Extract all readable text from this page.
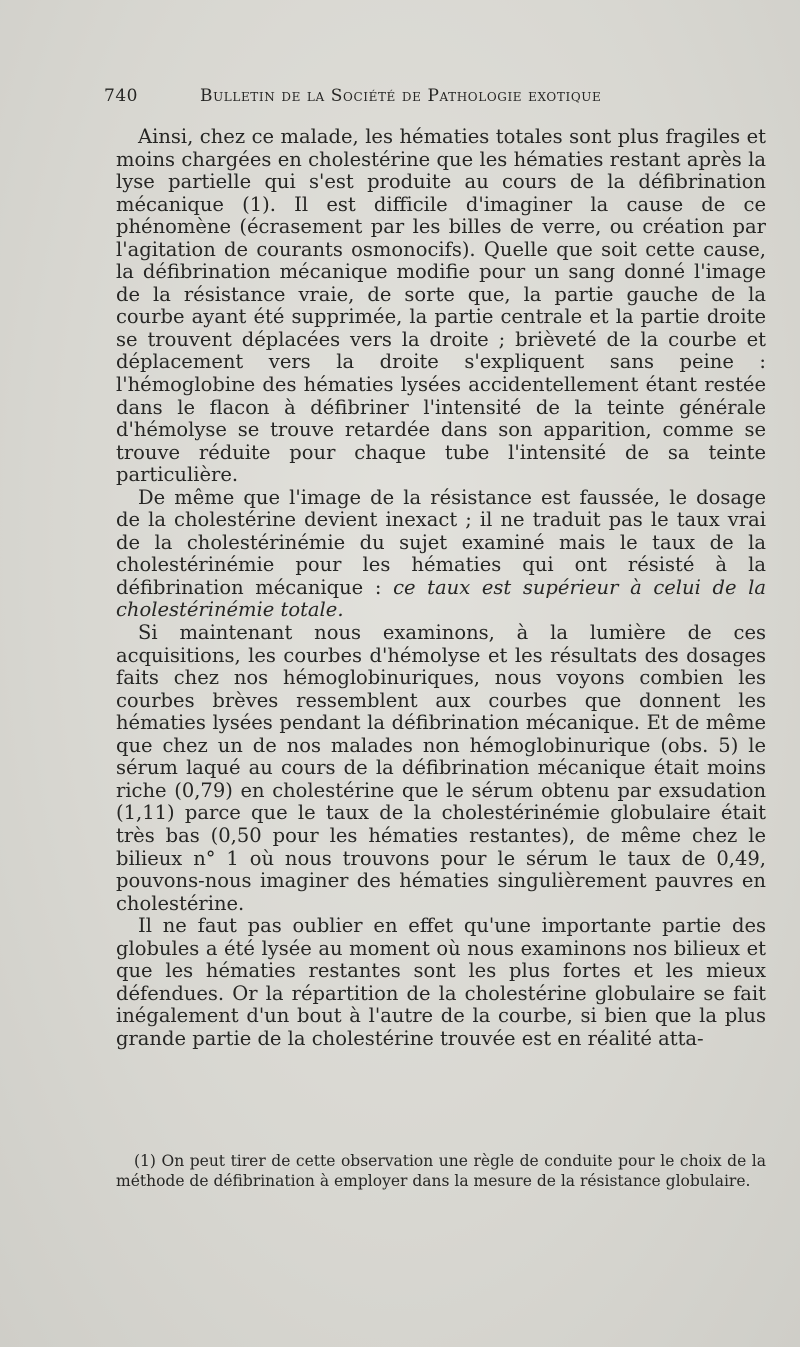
740	Bulletin de la Société de Pathologie exotique

Ainsi, chez ce malade, les hématies totales sont plus fragiles et moins chargées en cholestérine que les hématies restant après la lyse partielle qui s'est produite au cours de la défibrination mécanique (1). Il est difficile d'imaginer la cause de ce phénomène (écrasement par les billes de verre, ou création par l'agitation de courants osmonocifs). Quelle que soit cette cause, la défibrination mécanique modifie pour un sang donné l'image de la résistance vraie, de sorte que, la partie gauche de la courbe ayant été supprimée, la partie centrale et la partie droite se trouvent déplacées vers la droite ; brièveté de la courbe et déplacement vers la droite s'expliquent sans peine : l'hémoglobine des hématies lysées accidentellement étant restée dans le flacon à défibriner l'intensité de la teinte générale d'hémolyse se trouve retardée dans son apparition, comme se trouve réduite pour chaque tube l'intensité de sa teinte particulière.

De même que l'image de la résistance est faussée, le dosage de la cholestérine devient inexact ; il ne traduit pas le taux vrai de la cholestérinémie du sujet examiné mais le taux de la cholestérinémie pour les hématies qui ont résisté à la défibrination mécanique : ce taux est supérieur à celui de la cholestérinémie totale.

Si maintenant nous examinons, à la lumière de ces acquisitions, les courbes d'hémolyse et les résultats des dosages faits chez nos hémoglobinuriques, nous voyons combien les courbes brèves ressemblent aux courbes que donnent les hématies lysées pendant la défibrination mécanique. Et de même que chez un de nos malades non hémoglobinurique (obs. 5) le sérum laqué au cours de la défibrination mécanique était moins riche (0,79) en cholestérine que le sérum obtenu par exsudation (1,11) parce que le taux de la cholestérinémie globulaire était très bas (0,50 pour les hématies restantes), de même chez le bilieux n° 1 où nous trouvons pour le sérum le taux de 0,49, pouvons-nous imaginer des hématies singulièrement pauvres en cholestérine.

Il ne faut pas oublier en effet qu'une importante partie des globules a été lysée au moment où nous examinons nos bilieux et que les hématies restantes sont les plus fortes et les mieux défendues. Or la répartition de la cholestérine globulaire se fait inégalement d'un bout à l'autre de la courbe, si bien que la plus grande partie de la cholestérine trouvée est en réalité atta-

(1) On peut tirer de cette observation une règle de conduite pour le choix de la méthode de défibrination à employer dans la mesure de la résistance globulaire.
